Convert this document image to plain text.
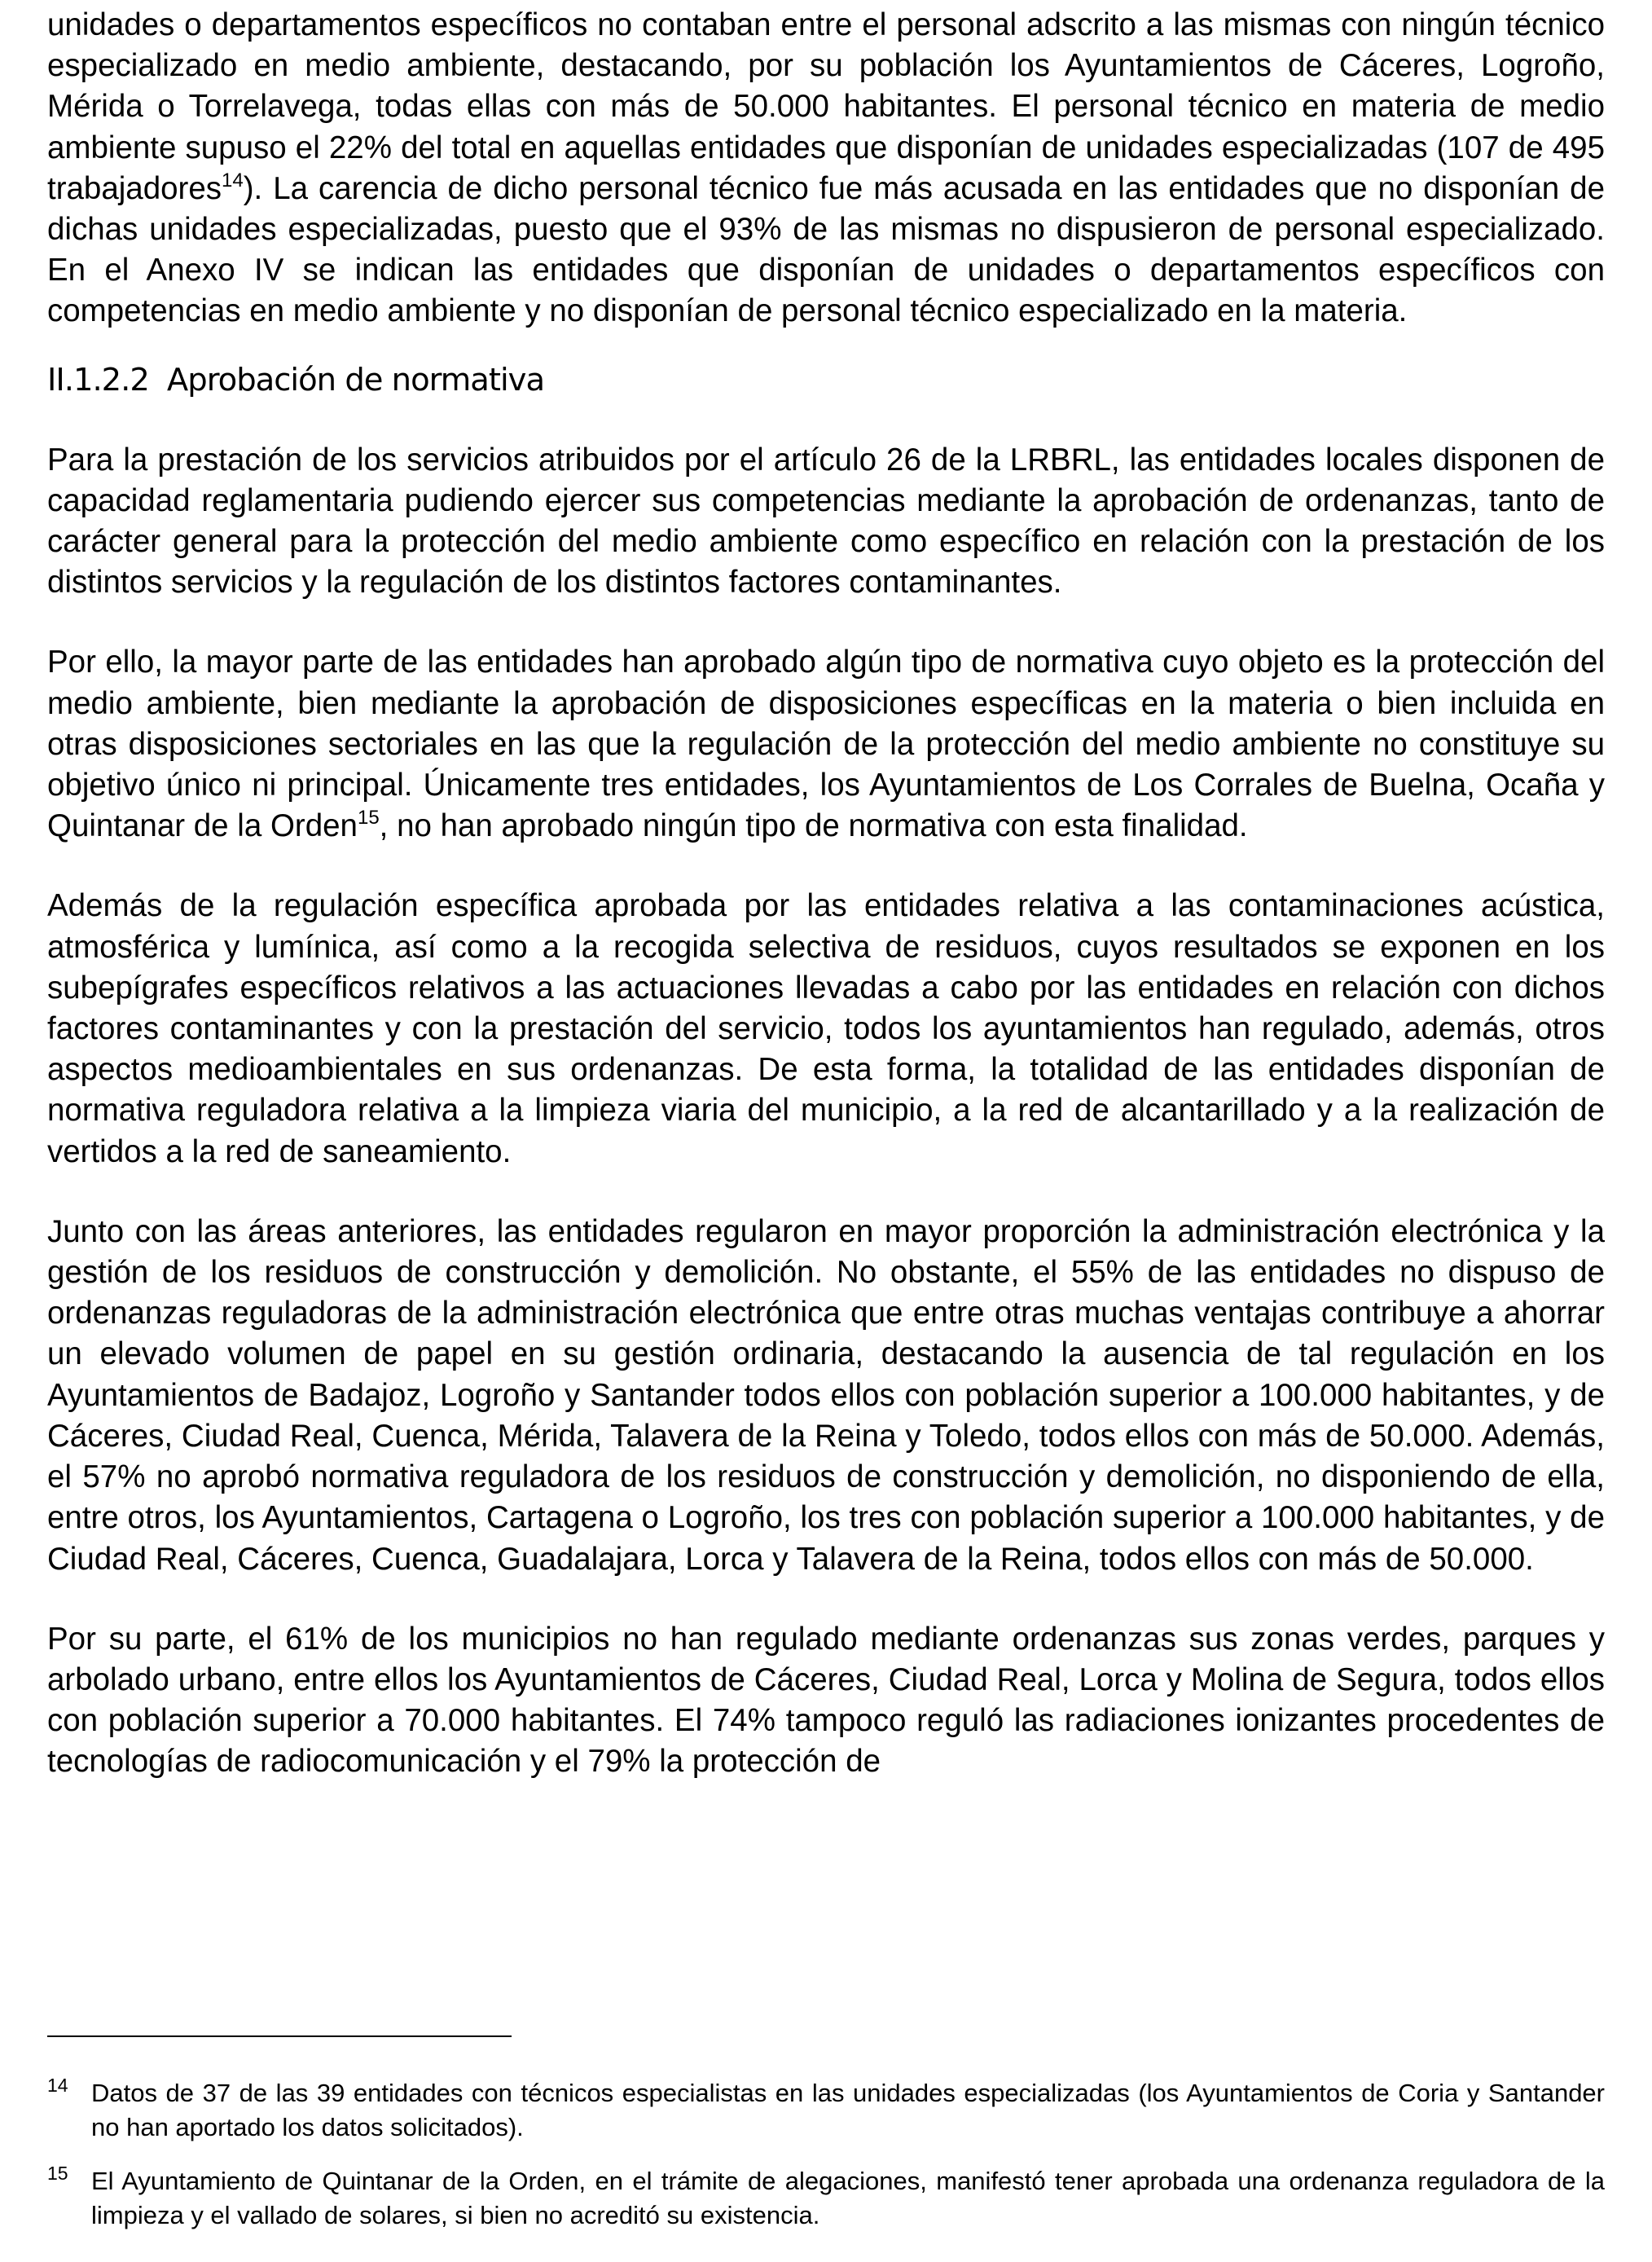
unidades o departamentos específicos no contaban entre el personal adscrito a las mismas con ningún técnico especializado en medio ambiente, destacando, por su población los Ayuntamientos de Cáceres, Logroño, Mérida o Torrelavega, todas ellas con más de 50.000 habitantes. El personal técnico en materia de medio ambiente supuso el 22% del total en aquellas entidades que disponían de unidades especializadas (107 de 495 trabajadores$^{14}$). La carencia de dicho personal técnico fue más acusada en las entidades que no disponían de dichas unidades especializadas, puesto que el 93% de las mismas no dispusieron de personal especializado. En el Anexo IV se indican las entidades que disponían de unidades o departamentos específicos con competencias en medio ambiente y no disponían de personal técnico especializado en la materia.

II.1.2.2 Aprobación de normativa

Para la prestación de los servicios atribuidos por el artículo 26 de la LRBRL, las entidades locales disponen de capacidad reglamentaria pudiendo ejercer sus competencias mediante la aprobación de ordenanzas, tanto de carácter general para la protección del medio ambiente como específico en relación con la prestación de los distintos servicios y la regulación de los distintos factores contaminantes.

Por ello, la mayor parte de las entidades han aprobado algún tipo de normativa cuyo objeto es la protección del medio ambiente, bien mediante la aprobación de disposiciones específicas en la materia o bien incluida en otras disposiciones sectoriales en las que la regulación de la protección del medio ambiente no constituye su objetivo único ni principal. Únicamente tres entidades, los Ayuntamientos de Los Corrales de Buelna, Ocaña y Quintanar de la Orden$^{15}$, no han aprobado ningún tipo de normativa con esta finalidad.

Además de la regulación específica aprobada por las entidades relativa a las contaminaciones acústica, atmosférica y lumínica, así como a la recogida selectiva de residuos, cuyos resultados se exponen en los subepígrafes específicos relativos a las actuaciones llevadas a cabo por las entidades en relación con dichos factores contaminantes y con la prestación del servicio, todos los ayuntamientos han regulado, además, otros aspectos medioambientales en sus ordenanzas. De esta forma, la totalidad de las entidades disponían de normativa reguladora relativa a la limpieza viaria del municipio, a la red de alcantarillado y a la realización de vertidos a la red de saneamiento.

Junto con las áreas anteriores, las entidades regularon en mayor proporción la administración electrónica y la gestión de los residuos de construcción y demolición. No obstante, el 55% de las entidades no dispuso de ordenanzas reguladoras de la administración electrónica que entre otras muchas ventajas contribuye a ahorrar un elevado volumen de papel en su gestión ordinaria, destacando la ausencia de tal regulación en los Ayuntamientos de Badajoz, Logroño y Santander todos ellos con población superior a 100.000 habitantes, y de Cáceres, Ciudad Real, Cuenca, Mérida, Talavera de la Reina y Toledo, todos ellos con más de 50.000. Además, el 57% no aprobó normativa reguladora de los residuos de construcción y demolición, no disponiendo de ella, entre otros, los Ayuntamientos, Cartagena o Logroño, los tres con población superior a 100.000 habitantes, y de Ciudad Real, Cáceres, Cuenca, Guadalajara, Lorca y Talavera de la Reina, todos ellos con más de 50.000.

Por su parte, el 61% de los municipios no han regulado mediante ordenanzas sus zonas verdes, parques y arbolado urbano, entre ellos los Ayuntamientos de Cáceres, Ciudad Real, Lorca y Molina de Segura, todos ellos con población superior a 70.000 habitantes. El 74% tampoco reguló las radiaciones ionizantes procedentes de tecnologías de radiocomunicación y el 79% la protección de

14 Datos de 37 de las 39 entidades con técnicos especialistas en las unidades especializadas (los Ayuntamientos de Coria y Santander no han aportado los datos solicitados).

15 El Ayuntamiento de Quintanar de la Orden, en el trámite de alegaciones, manifestó tener aprobada una ordenanza reguladora de la limpieza y el vallado de solares, si bien no acreditó su existencia.
